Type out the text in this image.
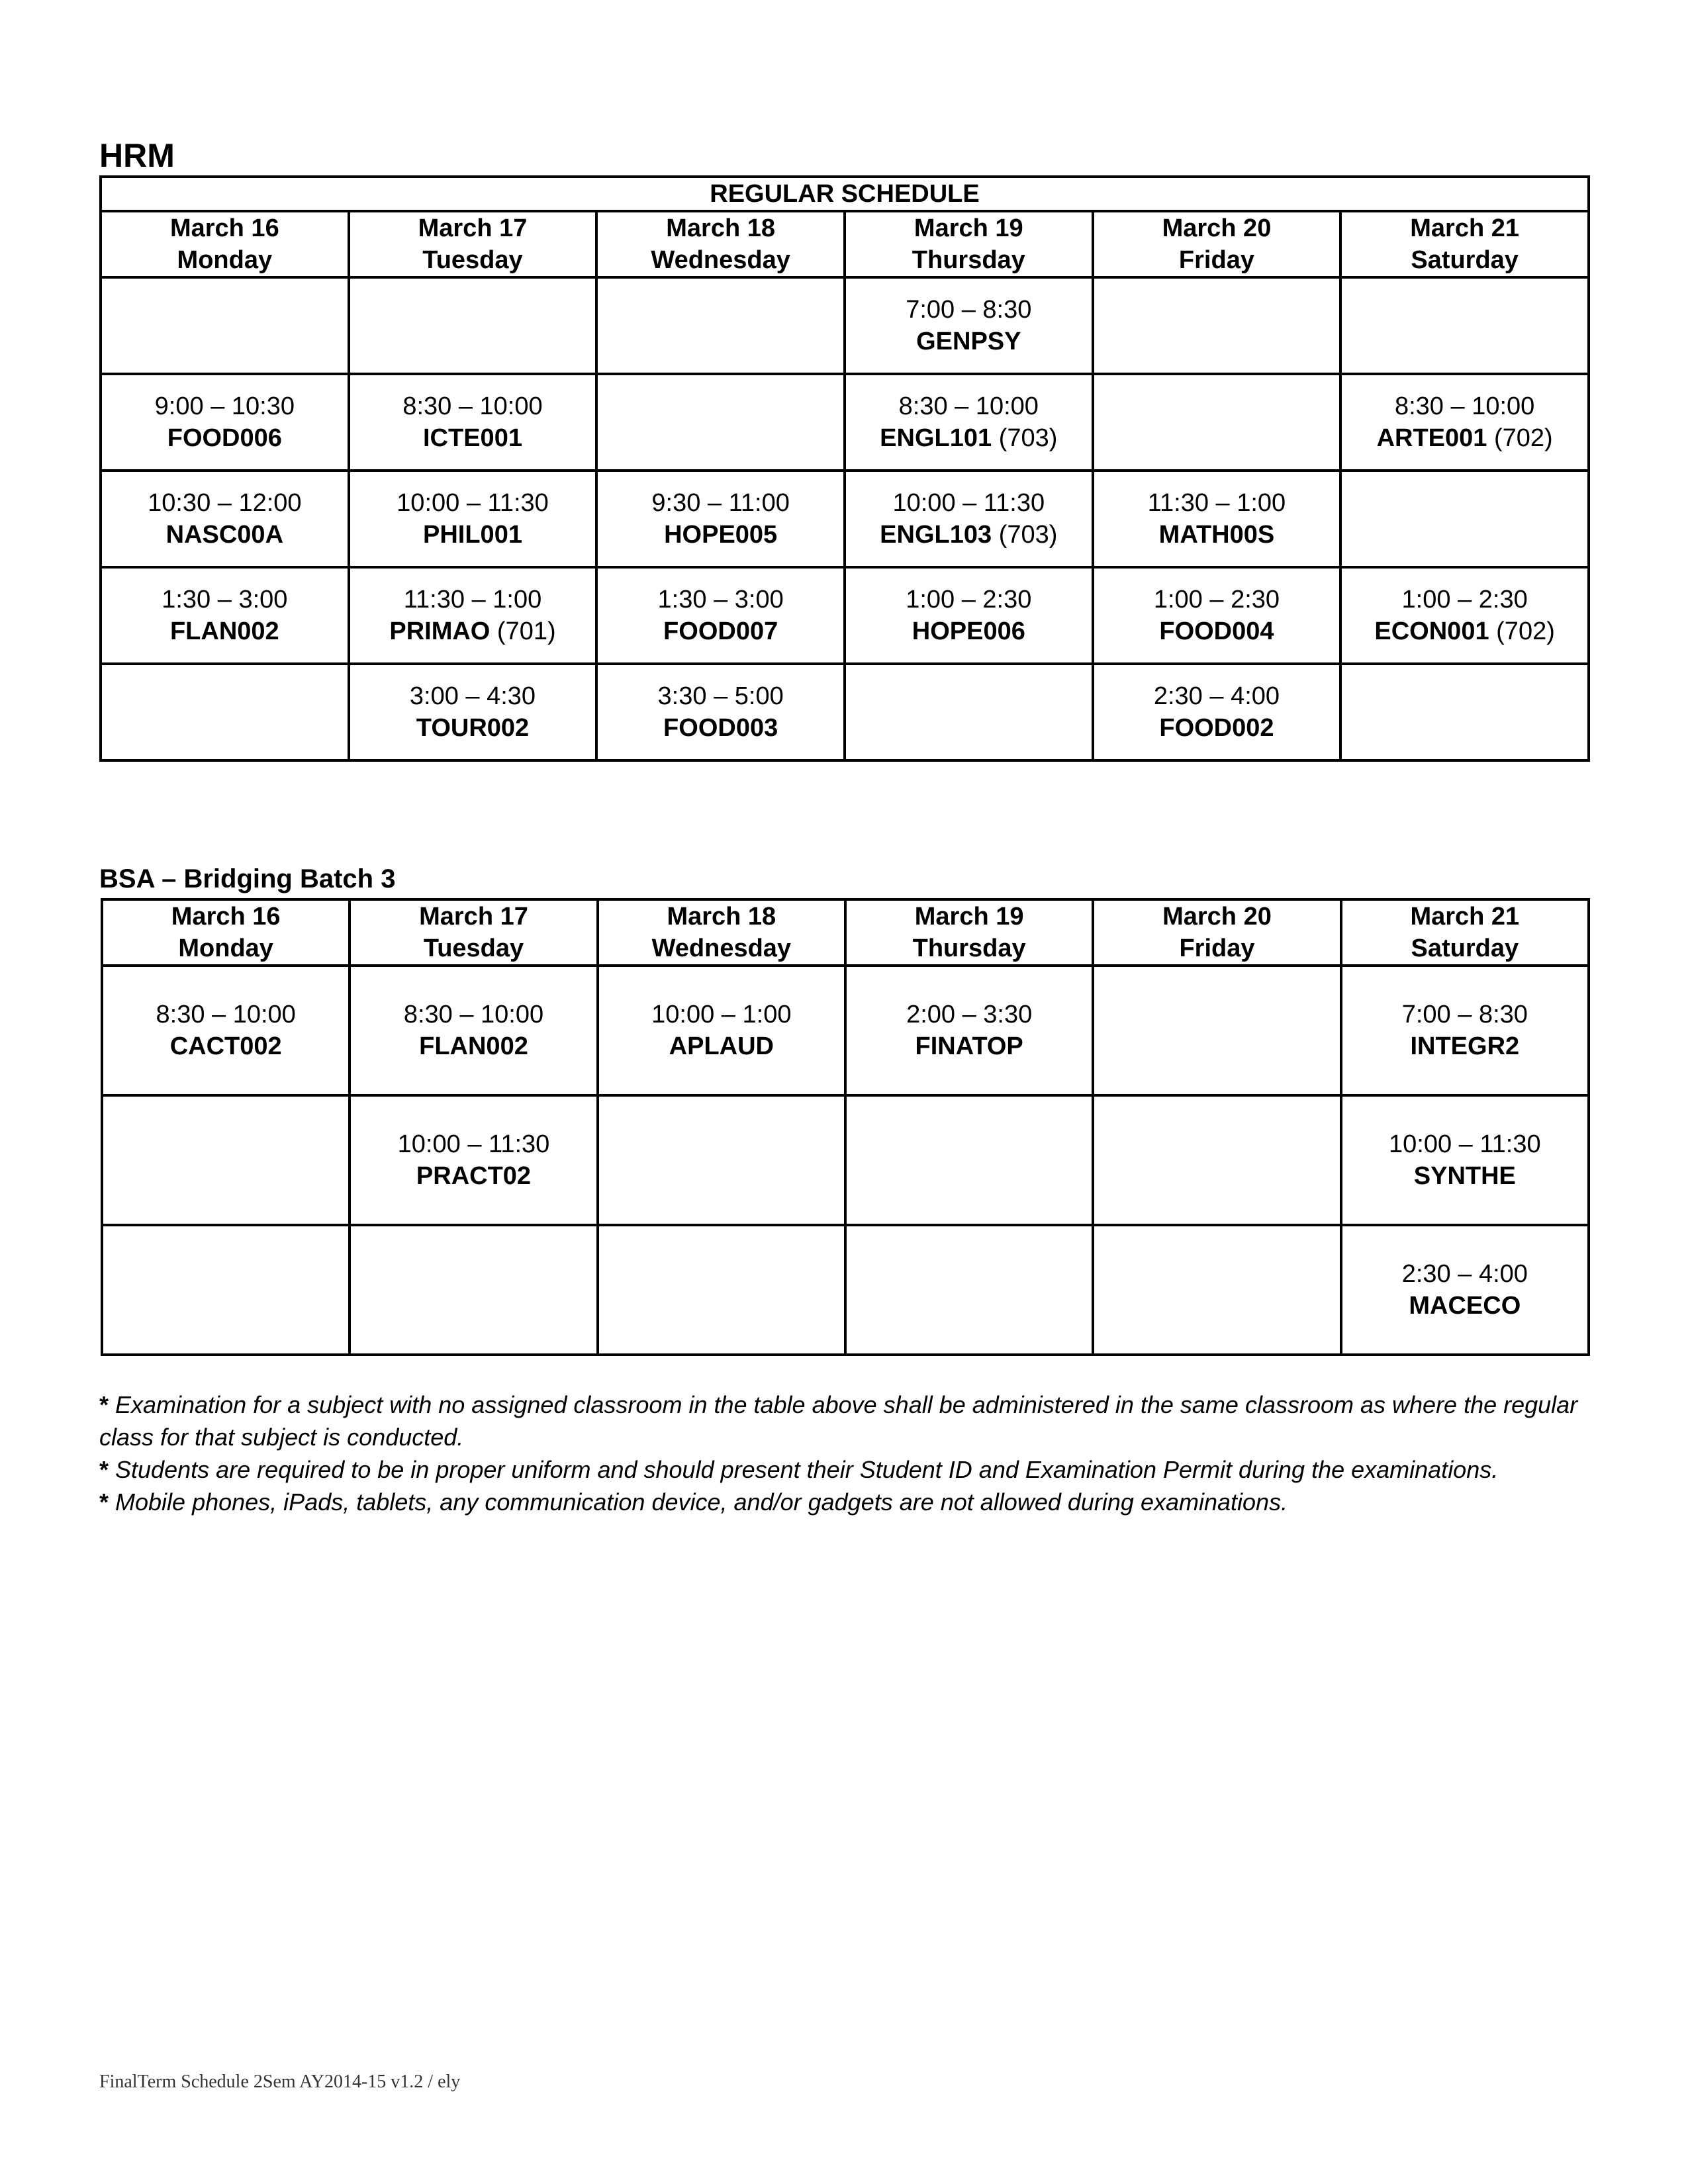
HRM
REGULAR SCHEDULE					

March 16
Monday	March 17
Tuesday	March 18
Wednesday	March 19
Thursday	March 20
Friday	March 21
Saturday

			7:00 – 8:30
GENPSY		

9:00 – 10:30
FOOD006	8:30 – 10:00
ICTE001		8:30 – 10:00
ENGL101 (703)		8:30 – 10:00
ARTE001 (702)

10:30 – 12:00
NASC00A	10:00 – 11:30
PHIL001	9:30 – 11:00
HOPE005	10:00 – 11:30
ENGL103 (703)	11:30 – 1:00
MATH00S	

1:30 – 3:00
FLAN002	11:30 – 1:00
PRIMAO (701)	1:30 – 3:00
FOOD007	1:00 – 2:30
HOPE006	1:00 – 2:30
FOOD004	1:00 – 2:30
ECON001 (702)

	3:00 – 4:30
TOUR002	3:30 – 5:00
FOOD003		2:30 – 4:00
FOOD002	

BSA – Bridging Batch 3
March 16
Monday	March 17
Tuesday	March 18
Wednesday	March 19
Thursday	March 20
Friday	March 21
Saturday

8:30 – 10:00
CACT002	8:30 – 10:00
FLAN002	10:00 – 1:00
APLAUD	2:00 – 3:30
FINATOP		7:00 – 8:30
INTEGR2

	10:00 – 11:30
PRACT02				10:00 – 11:30
SYNTHE

					2:30 – 4:00
MACECO
* Examination for a subject with no assigned classroom in the table above shall be administered in the same classroom as where the regular class for that subject is conducted.
* Students are required to be in proper uniform and should present their Student ID and Examination Permit during the examinations.
* Mobile phones, iPads, tablets, any communication device, and/or gadgets are not allowed during examinations.
FinalTerm Schedule 2Sem AY2014-15 v1.2 / ely
